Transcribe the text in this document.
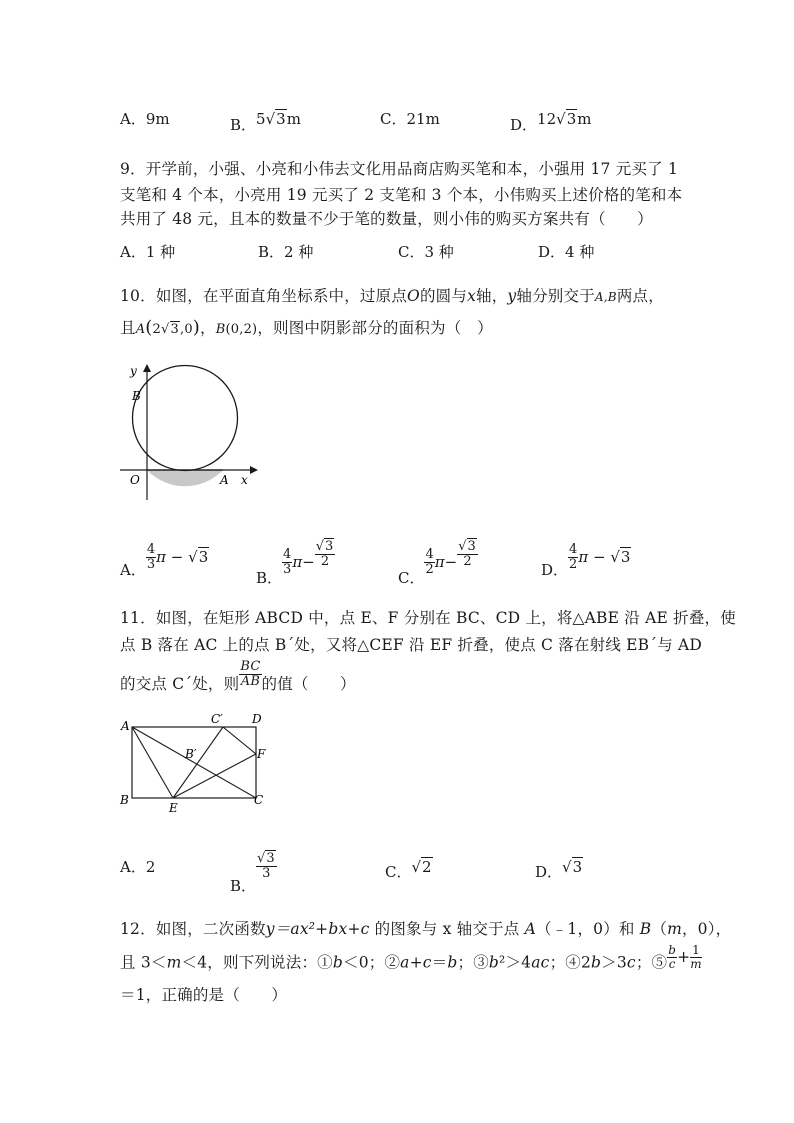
A．9m	B．5√3m	C．21m	D．12√3m
9．开学前，小强、小亮和小伟去文化用品商店购买笔和本，小强用 17 元买了 1
支笔和 4 个本，小亮用 19 元买了 2 支笔和 3 个本，小伟购买上述价格的笔和本
共用了 48 元，且本的数量不少于笔的数量，则小伟的购买方案共有（　　）
A．1 种	B．2 种	C．3 种	D．4 种
10．如图，在平面直角坐标系中，过原点O的圆与x轴，y轴分别交于A,B两点，
且A(2√3,0)，B(0,2)，则图中阴影部分的面积为（　）
y
B
O	A x
A． $\frac{4}{3}$ π − √3
B．
$\frac{4}{3} \pi- \frac{√3}{2}$
C．
$\frac{4}{2} \pi- \frac{√3}{2}$
D． $\frac{4}{2}$ π − √3
11．如图，在矩形 ABCD 中，点 E、F 分别在 BC、CD 上，将△ABE 沿 AE 折叠，使
点 B 落在 AC 上的点 B´处，又将△CEF 沿 EF 折叠，使点 C 落在射线 EB´与 AD
的交点 C´处，则 $\frac{BC}{AB}$ 的值（　　）
A	C′ D
B′	F
B
E
C
A．2
B．
$\frac{√3}{3}$	C．√2	D．√3
12．如图，二次函数y＝ax²+bx+c 的图象与 x 轴交于点 A（﹣1，0）和 B（m，0），
且 3＜m＜4，则下列说法：①b＜0；②a+c＝b；③b²＞4ac；④2b＞3c；⑤ $\frac{b}{c} + \frac{1}{m}$
＝1，正确的是（　　）
